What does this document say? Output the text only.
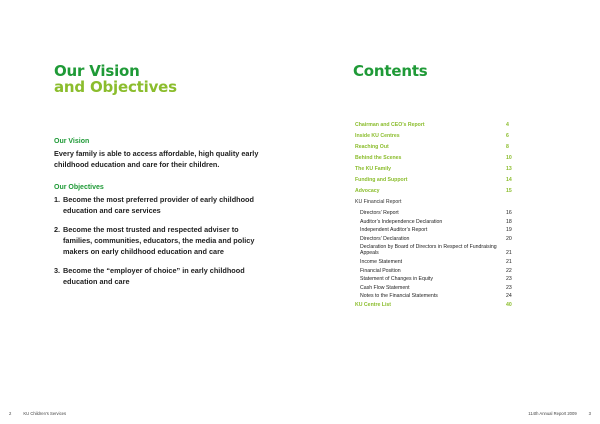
Our Vision
and Objectives
Our Vision
Every family is able to access affordable, high quality early childhood education and care for their children.
Our Objectives
1. Become the most preferred provider of early childhood education and care services
2. Become the most trusted and respected adviser to families, communities, educators, the media and policy makers on early childhood education and care
3. Become the “employer of choice” in early childhood education and care
2	KU Children’s Services
Contents
Chairman and CEO’s Report	4
Inside KU Centres	6
Reaching Out	8
Behind the Scenes	10
The KU Family	13
Funding and Support	14
Advocacy	15
KU Financial Report
Directors’ Report	16
Auditor’s Independence Declaration	18
Independent Auditor’s Report	19
Directors’ Declaration	20
Declaration by Board of Directors in Respect of Fundraising Appeals	21
Income Statement	21
Financial Position	22
Statement of Changes in Equity	23
Cash Flow Statement	23
Notes to the Financial Statements	24
KU Centre List	40
114th Annual Report 2009	3
